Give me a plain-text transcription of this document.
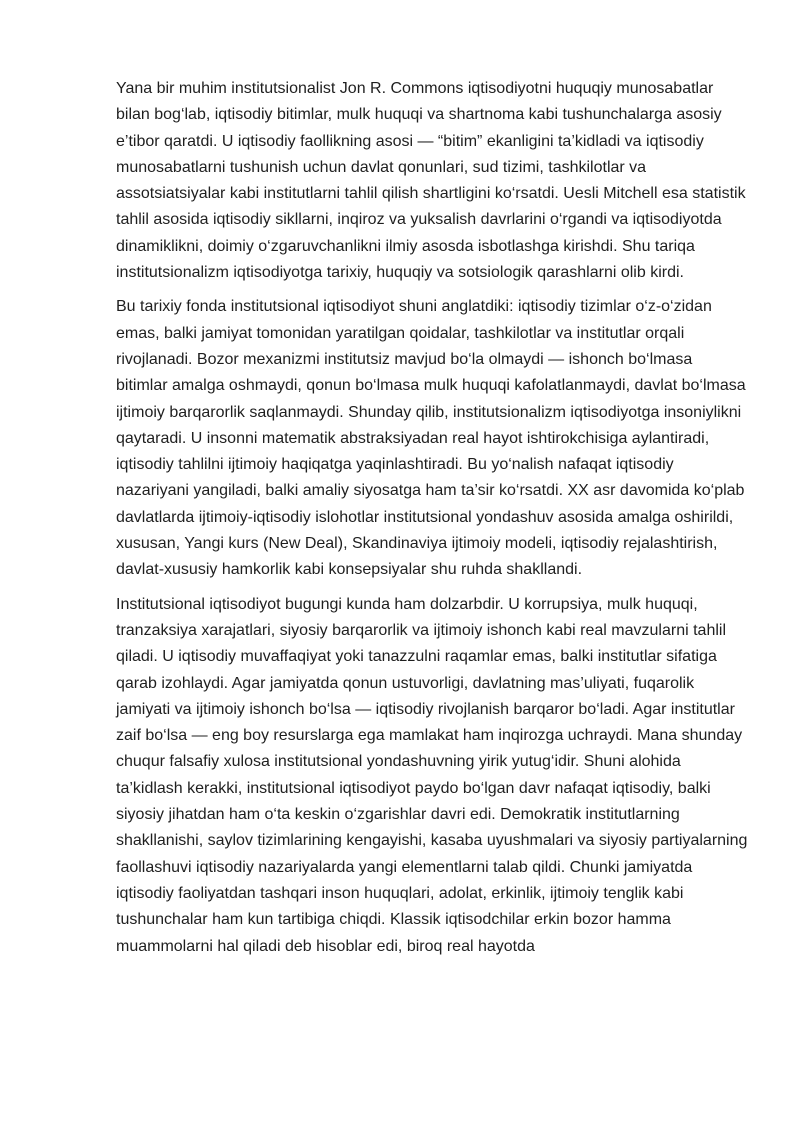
Yana bir muhim institutsionalist Jon R. Commons iqtisodiyotni huquqiy munosabatlar bilan bog‘lab, iqtisodiy bitimlar, mulk huquqi va shartnoma kabi tushunchalarga asosiy e’tibor qaratdi. U iqtisodiy faollikning asosi — “bitim” ekanligini ta’kidladi va iqtisodiy munosabatlarni tushunish uchun davlat qonunlari, sud tizimi, tashkilotlar va assotsiatsiyalar kabi institutlarni tahlil qilish shartligini ko‘rsatdi. Uesli Mitchell esa statistik tahlil asosida iqtisodiy sikllarni, inqiroz va yuksalish davrlarini o‘rgandi va iqtisodiyotda dinamiklikni, doimiy o‘zgaruvchanlikni ilmiy asosda isbotlashga kirishdi. Shu tariqa institutsionalizm iqtisodiyotga tarixiy, huquqiy va sotsiologik qarashlarni olib kirdi.

Bu tarixiy fonda institutsional iqtisodiyot shuni anglatdiki: iqtisodiy tizimlar o‘z-o‘zidan emas, balki jamiyat tomonidan yaratilgan qoidalar, tashkilotlar va institutlar orqali rivojlanadi. Bozor mexanizmi institutsiz mavjud bo‘la olmaydi — ishonch bo‘lmasa bitimlar amalga oshmaydi, qonun bo‘lmasa mulk huquqi kafolatlanmaydi, davlat bo‘lmasa ijtimoiy barqarorlik saqlanmaydi. Shunday qilib, institutsionalizm iqtisodiyotga insoniylikni qaytaradi. U insonni matematik abstraksiyadan real hayot ishtirokchisiga aylantiradi, iqtisodiy tahlilni ijtimoiy haqiqatga yaqinlashtiradi. Bu yo‘nalish nafaqat iqtisodiy nazariyani yangiladi, balki amaliy siyosatga ham ta’sir ko‘rsatdi. XX asr davomida ko‘plab davlatlarda ijtimoiy-iqtisodiy islohotlar institutsional yondashuv asosida amalga oshirildi, xususan, Yangi kurs (New Deal), Skandinaviya ijtimoiy modeli, iqtisodiy rejalashtirish, davlat-xususiy hamkorlik kabi konsepsiyalar shu ruhda shakllandi.

Institutsional iqtisodiyot bugungi kunda ham dolzarbdir. U korrupsiya, mulk huquqi, tranzaksiya xarajatlari, siyosiy barqarorlik va ijtimoiy ishonch kabi real mavzularni tahlil qiladi. U iqtisodiy muvaffaqiyat yoki tanazzulni raqamlar emas, balki institutlar sifatiga qarab izohlaydi. Agar jamiyatda qonun ustuvorligi, davlatning mas’uliyati, fuqarolik jamiyati va ijtimoiy ishonch bo‘lsa — iqtisodiy rivojlanish barqaror bo‘ladi. Agar institutlar zaif bo‘lsa — eng boy resurslarga ega mamlakat ham inqirozga uchraydi. Mana shunday chuqur falsafiy xulosa institutsional yondashuvning yirik yutug‘idir. Shuni alohida ta’kidlash kerakki, institutsional iqtisodiyot paydo bo‘lgan davr nafaqat iqtisodiy, balki siyosiy jihatdan ham o‘ta keskin o‘zgarishlar davri edi. Demokratik institutlarning shakllanishi, saylov tizimlarining kengayishi, kasaba uyushmalari va siyosiy partiyalarning faollashuvi iqtisodiy nazariyalarda yangi elementlarni talab qildi. Chunki jamiyatda iqtisodiy faoliyatdan tashqari inson huquqlari, adolat, erkinlik, ijtimoiy tenglik kabi tushunchalar ham kun tartibiga chiqdi. Klassik iqtisodchilar erkin bozor hamma muammolarni hal qiladi deb hisoblar edi, biroq real hayotda
